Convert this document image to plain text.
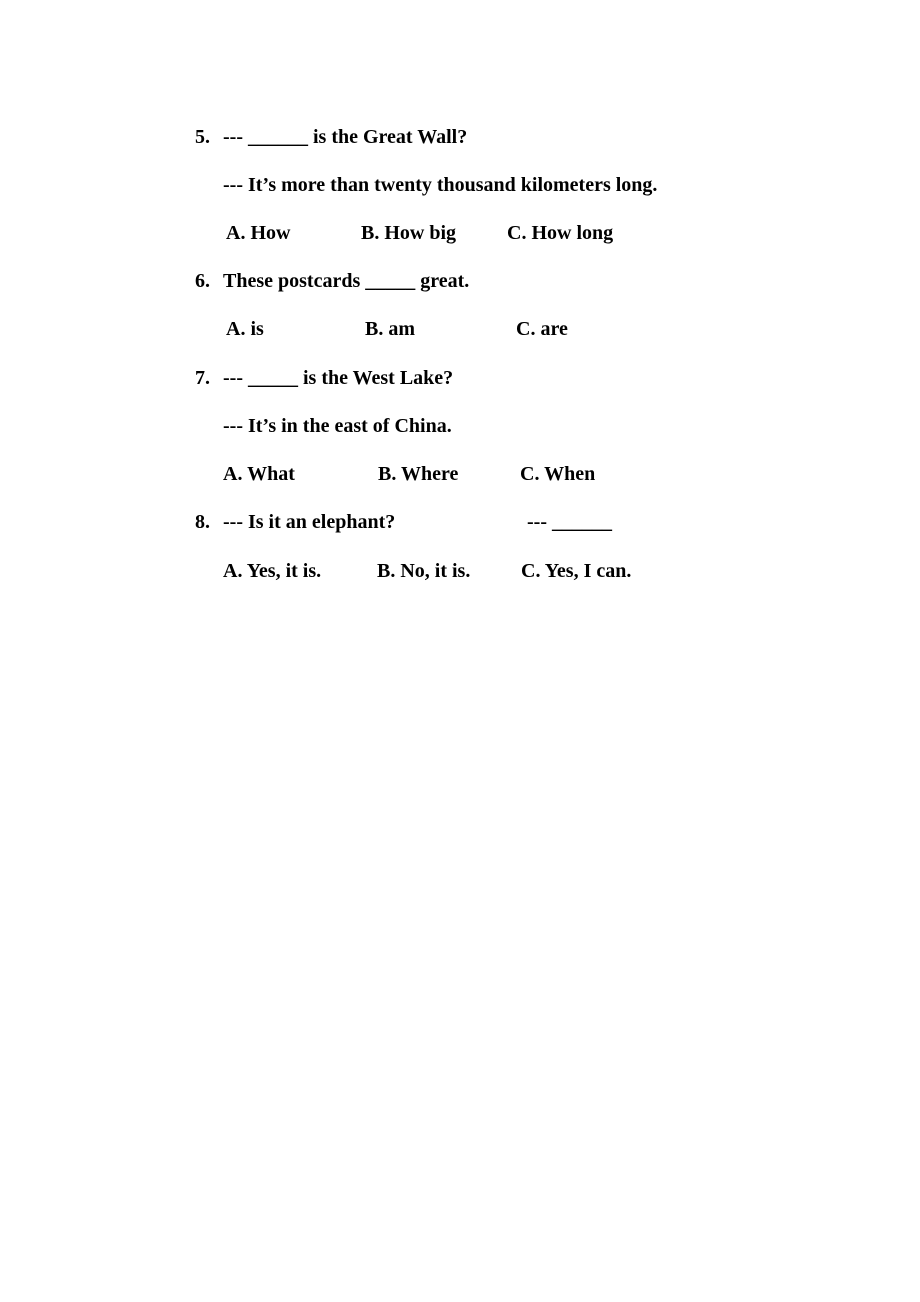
5. --- ______ is the Great Wall?
--- It’s more than twenty thousand kilometers long.
A. How	B. How big	C. How long
6. These postcards _____ great.
A. is	B. am	C. are
7. --- _____ is the West Lake?
--- It’s in the east of China.
A. What	B. Where	C. When
8. --- Is it an elephant?	--- ______
A. Yes, it is.	B. No, it is.	C. Yes, I can.
